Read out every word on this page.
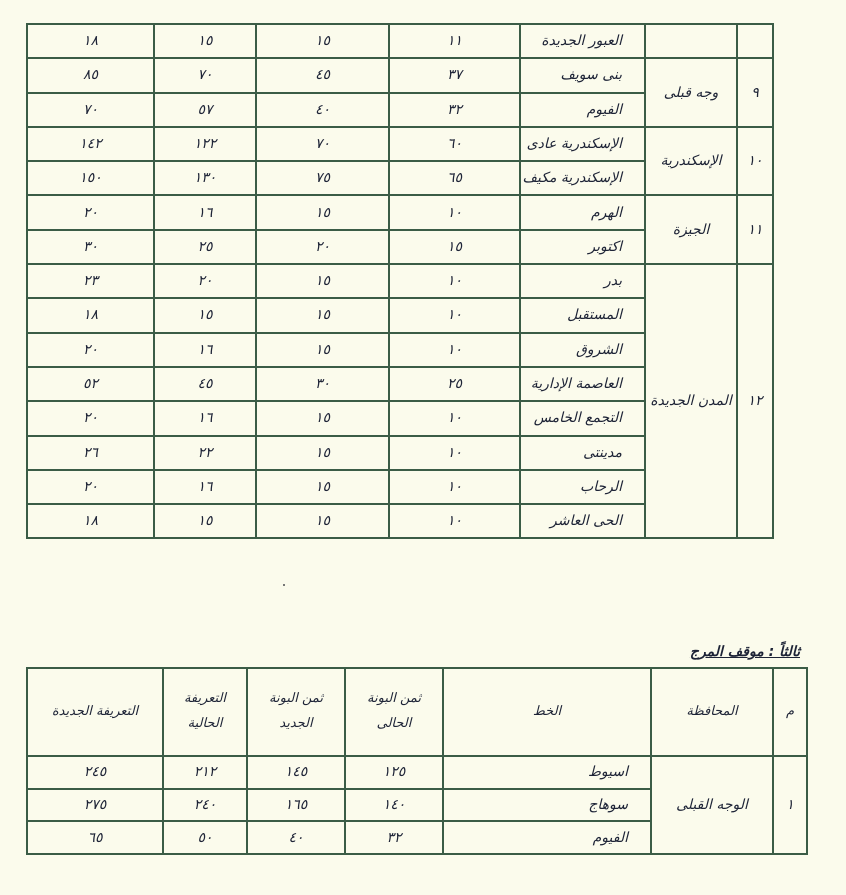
		العبور الجديدة	١١	١٥	١٥	١٨
٩	وجه قبلى	بنى سويف	٣٧	٤٥	٧٠	٨٥
		الفيوم	٣٢	٤٠	٥٧	٧٠
١٠	الإسكندرية	الإسكندرية عادى	٦٠	٧٠	١٢٢	١٤٢
		الإسكندرية مكيف	٦٥	٧٥	١٣٠	١٥٠
١١	الجيزة	الهرم	١٠	١٥	١٦	٢٠
		اكتوبر	١٥	٢٠	٢٥	٣٠
١٢	المدن الجديدة	بدر	١٠	١٥	٢٠	٢٣
		المستقبل	١٠	١٥	١٥	١٨
		الشروق	١٠	١٥	١٦	٢٠
		العاصمة الإدارية	٢٥	٣٠	٤٥	٥٢
		التجمع الخامس	١٠	١٥	١٦	٢٠
		مدينتى	١٠	١٥	٢٢	٢٦
		الرحاب	١٠	١٥	١٦	٢٠
		الحى العاشر	١٠	١٥	١٥	١٨
ثالثاً : موقف المرج
م	المحافظة	الخط	ثمن البونة الحالى	ثمن البونة الجديد	التعريفة الحالية	التعريفة الجديدة
١	الوجه القبلى	اسيوط	١٢٥	١٤٥	٢١٢	٢٤٥
		سوهاج	١٤٠	١٦٥	٢٤٠	٢٧٥
		الفيوم	٣٢	٤٠	٥٠	٦٥
